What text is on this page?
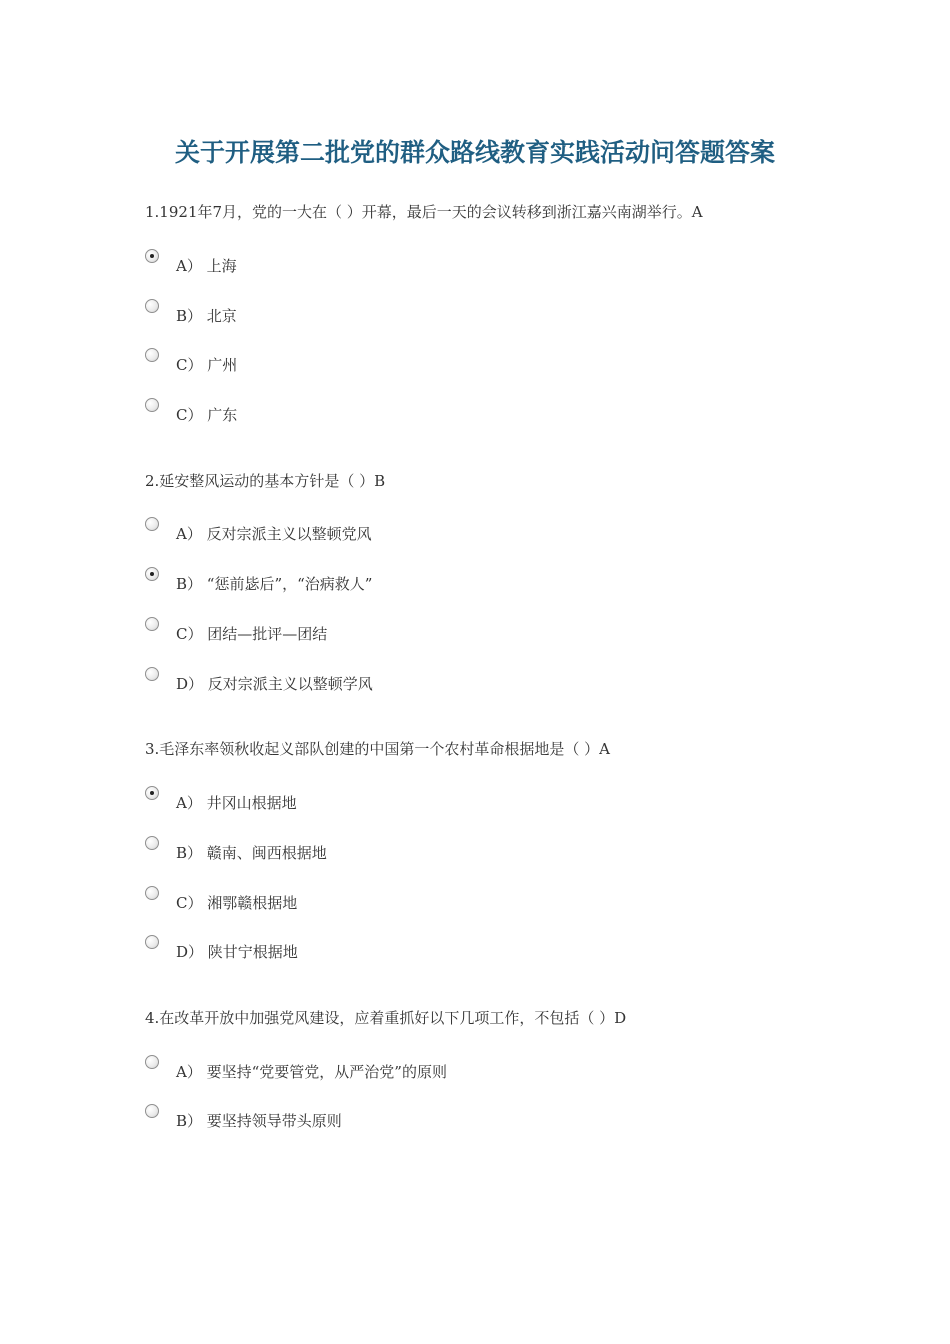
关于开展第二批党的群众路线教育实践活动问答题答案
1.1921年7月，党的一大在（ ）开幕，最后一天的会议转移到浙江嘉兴南湖举行。A
A） 上海
B） 北京
C） 广州
C） 广东
2.延安整风运动的基本方针是（ ）B
A） 反对宗派主义以整顿党风
B） “惩前毖后”，“治病救人”
C） 团结—批评—团结
D） 反对宗派主义以整顿学风
3.毛泽东率领秋收起义部队创建的中国第一个农村革命根据地是（ ）A
A） 井冈山根据地
B） 赣南、闽西根据地
C） 湘鄂赣根据地
D） 陕甘宁根据地
4.在改革开放中加强党风建设，应着重抓好以下几项工作，不包括（ ）D
A） 要坚持“党要管党，从严治党”的原则
B） 要坚持领导带头原则
